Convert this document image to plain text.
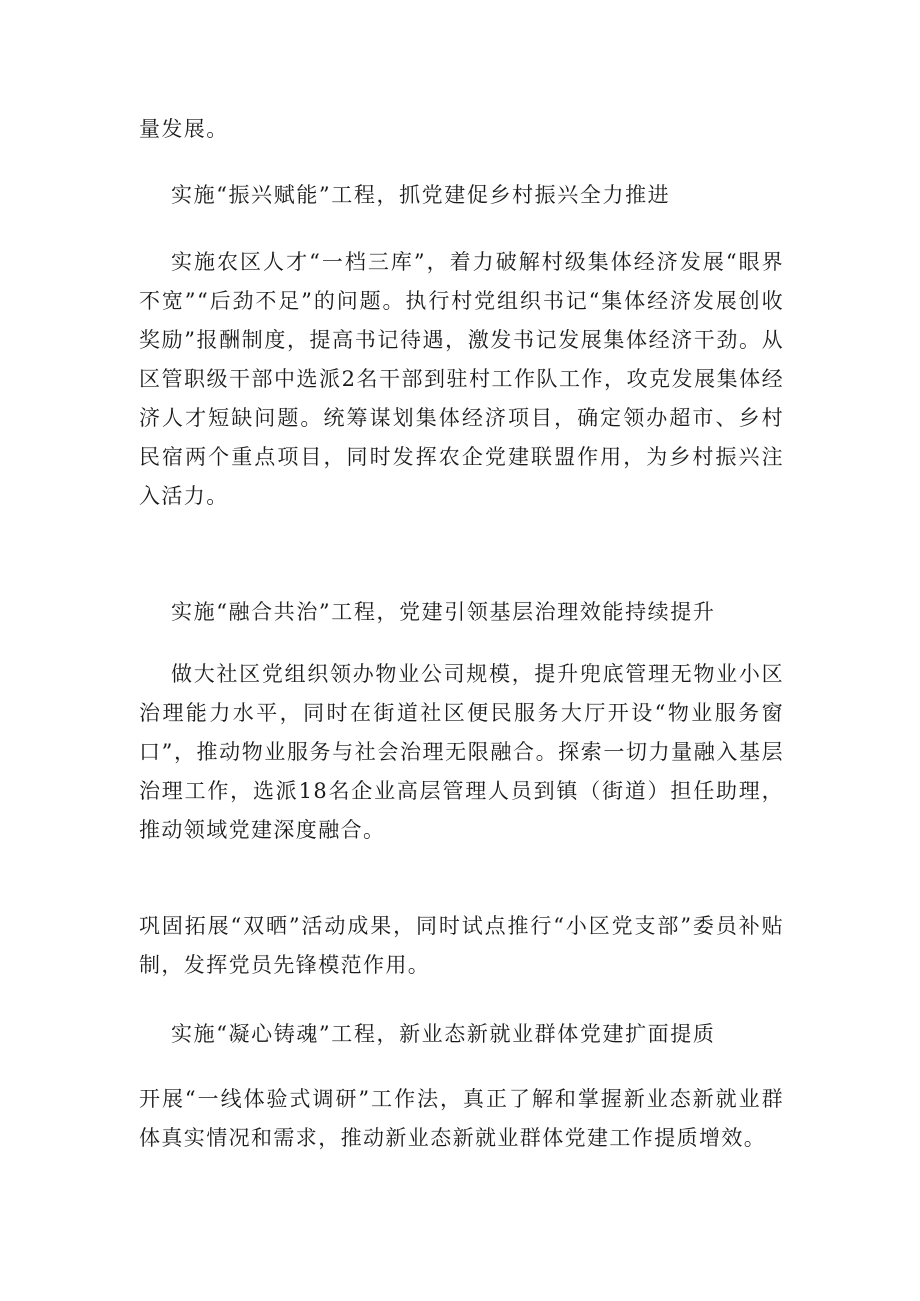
量发展。

实施“振兴赋能”工程，抓党建促乡村振兴全力推进

实施农区人才“一档三库”，着力破解村级集体经济发展“眼界不宽”“后劲不足”的问题。执行村党组织书记“集体经济发展创收奖励”报酬制度，提高书记待遇，激发书记发展集体经济干劲。从区管职级干部中选派2名干部到驻村工作队工作，攻克发展集体经济人才短缺问题。统筹谋划集体经济项目，确定领办超市、乡村民宿两个重点项目，同时发挥农企党建联盟作用，为乡村振兴注入活力。

实施“融合共治”工程，党建引领基层治理效能持续提升

做大社区党组织领办物业公司规模，提升兜底管理无物业小区治理能力水平，同时在街道社区便民服务大厅开设“物业服务窗口”，推动物业服务与社会治理无限融合。探索一切力量融入基层治理工作，选派18名企业高层管理人员到镇（街道）担任助理，推动领域党建深度融合。

巩固拓展“双晒”活动成果，同时试点推行“小区党支部”委员补贴制，发挥党员先锋模范作用。

实施“凝心铸魂”工程，新业态新就业群体党建扩面提质

开展“一线体验式调研”工作法，真正了解和掌握新业态新就业群体真实情况和需求，推动新业态新就业群体党建工作提质增效。
